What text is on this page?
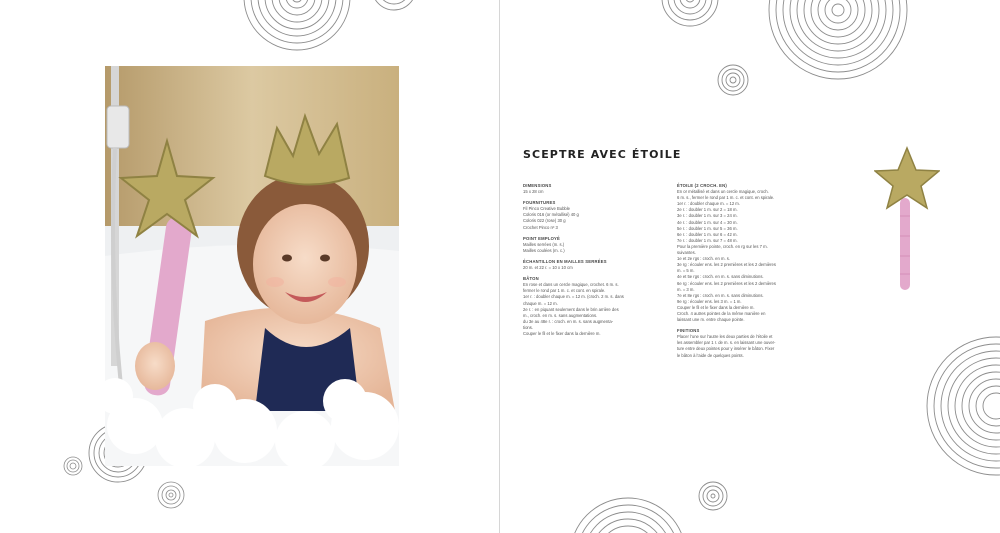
SCEPTRE AVEC ÉTOILE
DIMENSIONS
15 x 28 cm
FOURNITURES
Fil Pinco Creative Bubble
Coloris 016 (or métallisé) 40 g
Coloris 022 (rose) 30 g
Crochet Pinco nº 3
POINT EMPLOYÉ
Mailles serrées (m. s.)
Mailles coulées (m. c.)
ÉCHANTILLON EN MAILLES SERRÉES
20 m. et 22 r. = 10 x 10 cm
BÂTON
En rose et dans un cercle magique, crochet. 6 m. s.
fermer le rond par 1 m. c. et cont. en spirale.
1er r. : doubler chaque m. = 12 m. (croch. 2 m. s. dans
chaque m. = 12 m.
2e r. : en piquant seulement dans le brin arrière des
m., croch. en m. s. sans augmentations.
du 3e au 48e r. : croch. en m. s. sans augmenta-
tions.
Couper le fil et le fixer dans la dernière m.
ÉTOILE (2 CROCH. EN)
En or métallisé et dans un cercle magique, croch.
6 m. s., fermer le rond par 1 m. c. et cont. en spirale.
1er r. : doubler chaque m. = 12 m.
2e r. : doubler 1 m. sur 2 = 18 m.
3e r. : doubler 1 m. sur 3 = 24 m.
4e r. : doubler 1 m. sur 4 = 30 m.
5e r. : doubler 1 m. sur 5 = 36 m.
6e r. : doubler 1 m. sur 6 = 42 m.
7e r. : doubler 1 m. sur 7 = 48 m.
Pour la première pointe, croch. en rg sur les 7 m.
suivantes.
1e et 2e rgs : croch. en m. s.
3e rg : écouler ens. les 2 premières et les 2 dernières
m. = 5 m.
4e et 5e rgs : croch. en m. s. sans diminutions.
6e rg : écouler ens. les 2 premières et les 2 dernières
m. = 3 m.
7e et 8e rgs : croch. en m. s. sans diminutions.
9e rg : écouler ens. les 3 m. = 1 m.
Couper le fil et le fixer dans la dernière m.
Croch. 4 autres pointes de la même manière en
laissant une m. entre chaque pointe.
FINITIONS
Placer l’une sur l’autre les deux parties de l’étoile et
les assembler par 1 r. de m. s. en laissant une ouver-
ture entre deux pointes pour y insérer le bâton. Fixer
le bâton à l’aide de quelques points.
